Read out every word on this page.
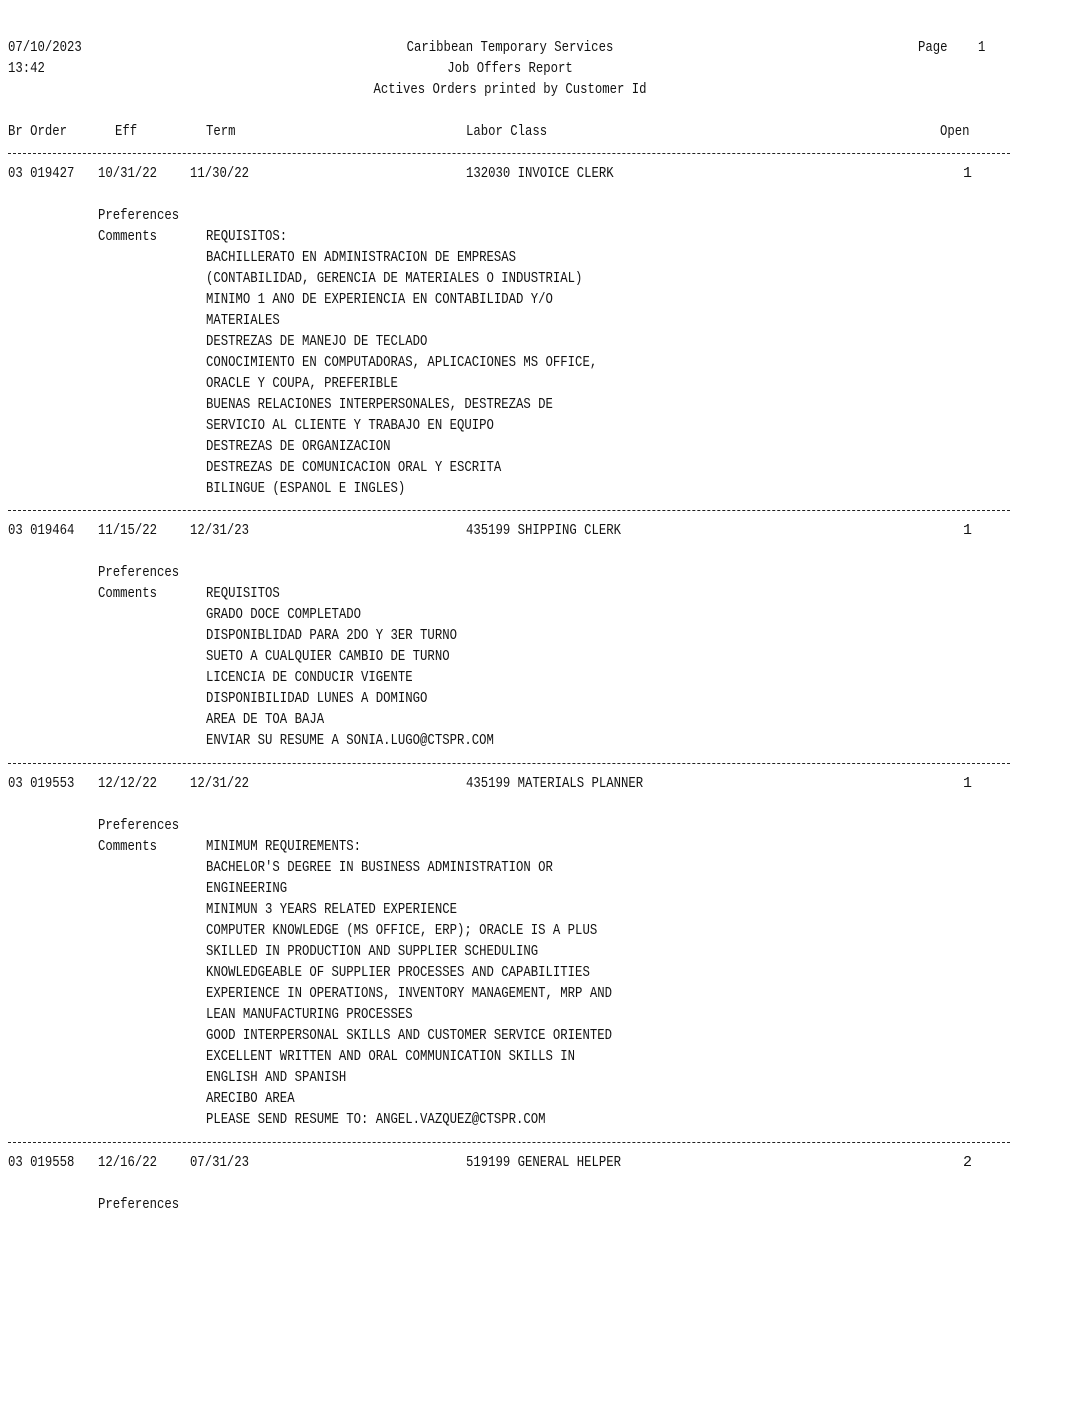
07/10/2023
13:42
Caribbean Temporary Services
Job Offers Report
Actives Orders printed by Customer Id
Page 1
Br Order	Eff	Term	Labor Class	Open
03 019427 10/31/22 11/30/22	132030 INVOICE CLERK	1
Preferences
Comments	REQUISITOS:
BACHILLERATO EN ADMINISTRACION DE EMPRESAS
(CONTABILIDAD, GERENCIA DE MATERIALES O INDUSTRIAL)
MINIMO 1 ANO DE EXPERIENCIA EN CONTABILIDAD Y/O
MATERIALES
DESTREZAS DE MANEJO DE TECLADO
CONOCIMIENTO EN COMPUTADORAS, APLICACIONES MS OFFICE,
ORACLE Y COUPA, PREFERIBLE
BUENAS RELACIONES INTERPERSONALES, DESTREZAS DE
SERVICIO AL CLIENTE Y TRABAJO EN EQUIPO
DESTREZAS DE ORGANIZACION
DESTREZAS DE COMUNICACION ORAL Y ESCRITA
BILINGUE (ESPANOL E INGLES)
03 019464 11/15/22 12/31/23	435199 SHIPPING CLERK	1
Preferences
Comments	REQUISITOS
GRADO DOCE COMPLETADO
DISPONIBLIDAD PARA 2DO Y 3ER TURNO
SUETO A CUALQUIER CAMBIO DE TURNO
LICENCIA DE CONDUCIR VIGENTE
DISPONIBILIDAD LUNES A DOMINGO
AREA DE TOA BAJA
ENVIAR SU RESUME A SONIA.LUGO@CTSPR.COM
03 019553 12/12/22 12/31/22	435199 MATERIALS PLANNER	1
Preferences
Comments	MINIMUM REQUIREMENTS:
BACHELOR'S DEGREE IN BUSINESS ADMINISTRATION OR
ENGINEERING
MINIMUN 3 YEARS RELATED EXPERIENCE
COMPUTER KNOWLEDGE (MS OFFICE, ERP); ORACLE IS A PLUS
SKILLED IN PRODUCTION AND SUPPLIER SCHEDULING
KNOWLEDGEABLE OF SUPPLIER PROCESSES AND CAPABILITIES
EXPERIENCE IN OPERATIONS, INVENTORY MANAGEMENT, MRP AND
LEAN MANUFACTURING PROCESSES
GOOD INTERPERSONAL SKILLS AND CUSTOMER SERVICE ORIENTED
EXCELLENT WRITTEN AND ORAL COMMUNICATION SKILLS IN
ENGLISH AND SPANISH
ARECIBO AREA
PLEASE SEND RESUME TO: ANGEL.VAZQUEZ@CTSPR.COM
03 019558 12/16/22 07/31/23	519199 GENERAL HELPER	2
Preferences
